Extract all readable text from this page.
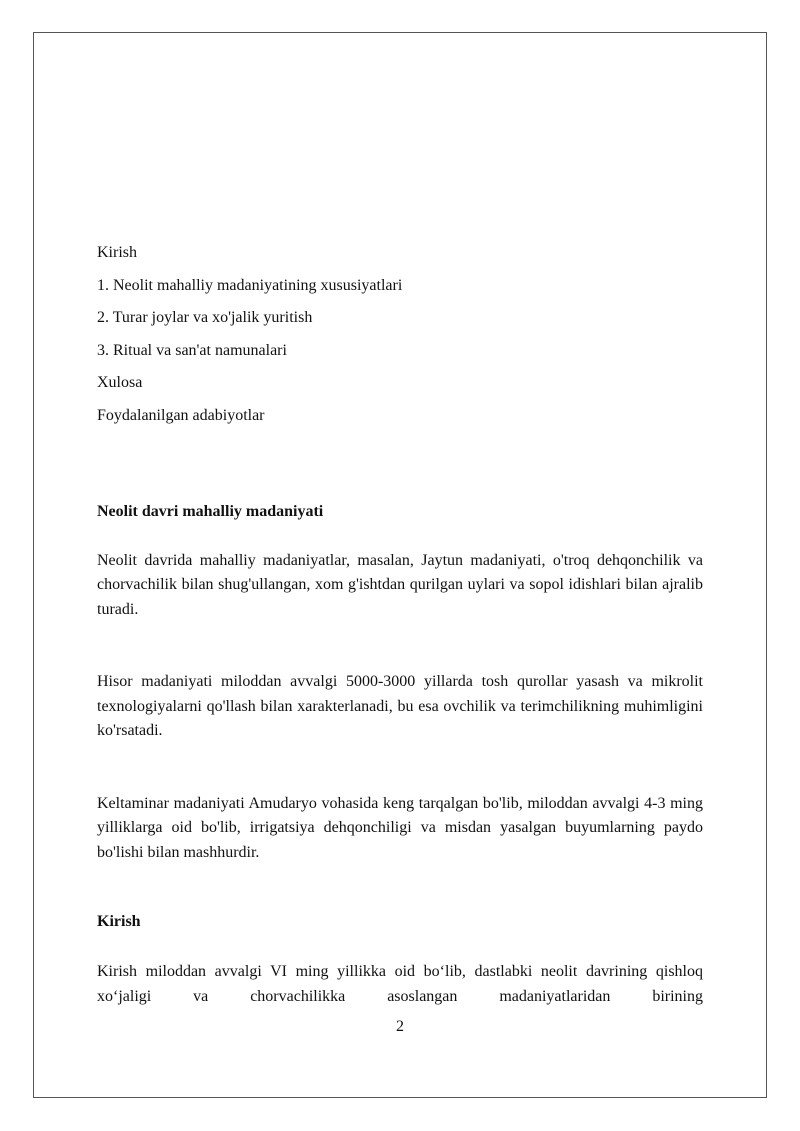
Kirish
1. Neolit mahalliy madaniyatining xususiyatlari
2. Turar joylar va xo'jalik yuritish
3. Ritual va san'at namunalari
Xulosa
Foydalanilgan adabiyotlar

Neolit davri mahalliy madaniyati

Neolit davrida mahalliy madaniyatlar, masalan, Jaytun madaniyati, o'troq dehqonchilik va chorvachilik bilan shug'ullangan, xom g'ishtdan qurilgan uylari va sopol idishlari bilan ajralib turadi.

Hisor madaniyati miloddan avvalgi 5000-3000 yillarda tosh qurollar yasash va mikrolit texnologiyalarni qo'llash bilan xarakterlanadi, bu esa ovchilik va terimchilikning muhimligini ko'rsatadi.

Keltaminar madaniyati Amudaryo vohasida keng tarqalgan bo'lib, miloddan avvalgi 4-3 ming yilliklarga oid bo'lib, irrigatsiya dehqonchiligi va misdan yasalgan buyumlarning paydo bo'lishi bilan mashhurdir.

Kirish

Kirish miloddan avvalgi VI ming yillikka oid bo‘lib, dastlabki neolit davrining qishloq xo‘jaligi va chorvachilikka asoslangan madaniyatlaridan birining

2
